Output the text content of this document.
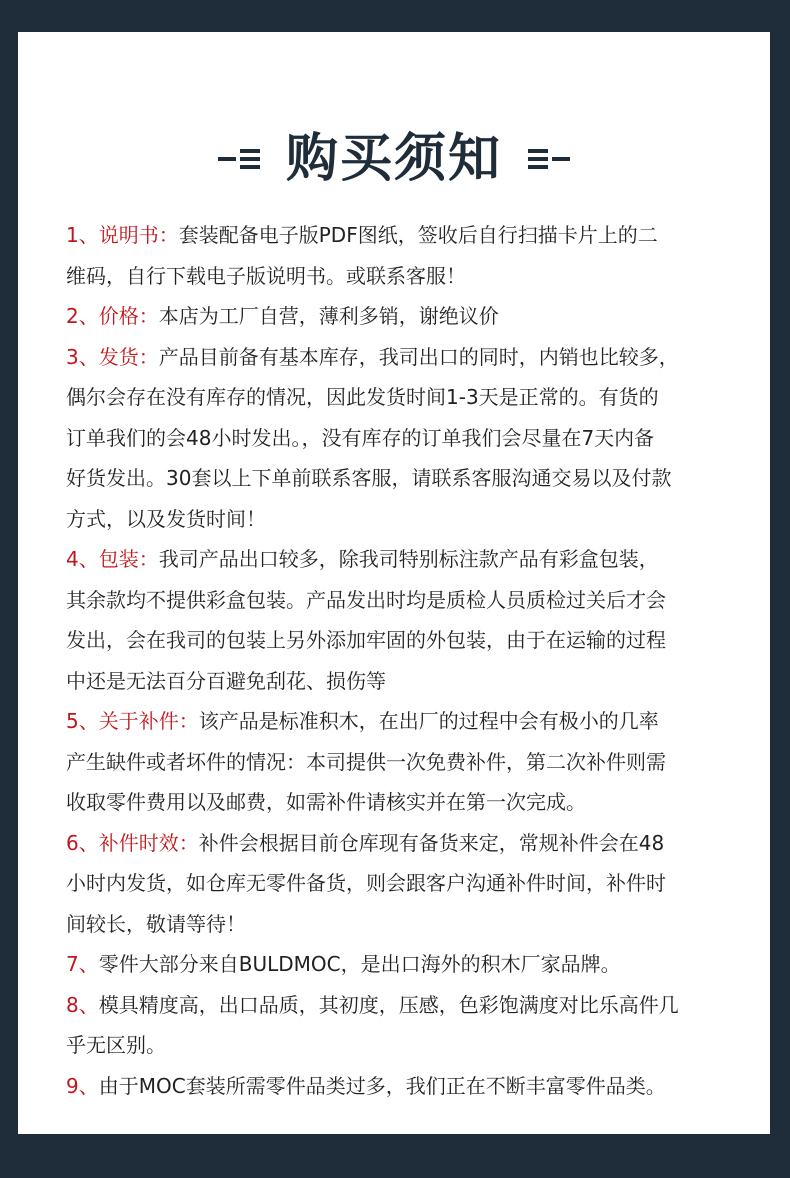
购买须知
1、说明书：套装配备电子版PDF图纸，签收后自行扫描卡片上的二
维码，自行下载电子版说明书。或联系客服！
2、价格：本店为工厂自营，薄利多销，谢绝议价
3、发货：产品目前备有基本库存，我司出口的同时，内销也比较多，
偶尔会存在没有库存的情况，因此发货时间1-3天是正常的。有货的
订单我们的会48小时发出。，没有库存的订单我们会尽量在7天内备
好货发出。30套以上下单前联系客服，请联系客服沟通交易以及付款
方式，以及发货时间！
4、包装：我司产品出口较多，除我司特别标注款产品有彩盒包装，
其余款均不提供彩盒包装。产品发出时均是质检人员质检过关后才会
发出，会在我司的包装上另外添加牢固的外包装，由于在运输的过程
中还是无法百分百避免刮花、损伤等
5、关于补件：该产品是标准积木，在出厂的过程中会有极小的几率
产生缺件或者坏件的情况：本司提供一次免费补件，第二次补件则需
收取零件费用以及邮费，如需补件请核实并在第一次完成。
6、补件时效：补件会根据目前仓库现有备货来定，常规补件会在48
小时内发货，如仓库无零件备货，则会跟客户沟通补件时间，补件时
间较长，敬请等待！
7、零件大部分来自BULDMOC，是出口海外的积木厂家品牌。
8、模具精度高，出口品质，其初度，压感，色彩饱满度对比乐高件几
乎无区别。
9、由于MOC套装所需零件品类过多，我们正在不断丰富零件品类。
